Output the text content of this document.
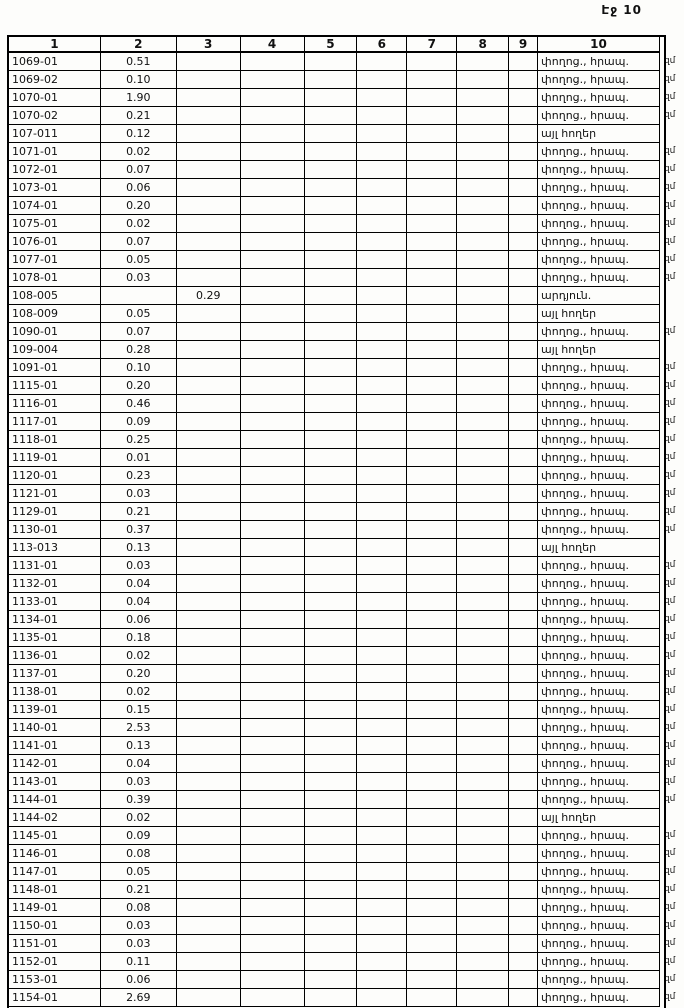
Էջ 10
1	2	3	4	5	6	7	8	9	10	
1069-01	0.51								փողոց., հրապ.	զմ
1069-02	0.10								փողոց., հրապ.	զմ
1070-01	1.90								փողոց., հրապ.	զմ
1070-02	0.21								փողոց., հրապ.	զմ
107-011	0.12								այլ հողեր	
1071-01	0.02								փողոց., հրապ.	զմ
1072-01	0.07								փողոց., հրապ.	զմ
1073-01	0.06								փողոց., հրապ.	զմ
1074-01	0.20								փողոց., հրապ.	զմ
1075-01	0.02								փողոց., հրապ.	զմ
1076-01	0.07								փողոց., հրապ.	զմ
1077-01	0.05								փողոց., հրապ.	զմ
1078-01	0.03								փողոց., հրապ.	զմ
108-005		0.29							արդյուն.	
108-009	0.05								այլ հողեր	
1090-01	0.07								փողոց., հրապ.	զմ
109-004	0.28								այլ հողեր	
1091-01	0.10								փողոց., հրապ.	զմ
1115-01	0.20								փողոց., հրապ.	զմ
1116-01	0.46								փողոց., հրապ.	զմ
1117-01	0.09								փողոց., հրապ.	զմ
1118-01	0.25								փողոց., հրապ.	զմ
1119-01	0.01								փողոց., հրապ.	զմ
1120-01	0.23								փողոց., հրապ.	զմ
1121-01	0.03								փողոց., հրապ.	զմ
1129-01	0.21								փողոց., հրապ.	զմ
1130-01	0.37								փողոց., հրապ.	զմ
113-013	0.13								այլ հողեր	
1131-01	0.03								փողոց., հրապ.	զմ
1132-01	0.04								փողոց., հրապ.	զմ
1133-01	0.04								փողոց., հրապ.	զմ
1134-01	0.06								փողոց., հրապ.	զմ
1135-01	0.18								փողոց., հրապ.	զմ
1136-01	0.02								փողոց., հրապ.	զմ
1137-01	0.20								փողոց., հրապ.	զմ
1138-01	0.02								փողոց., հրապ.	զմ
1139-01	0.15								փողոց., հրապ.	զմ
1140-01	2.53								փողոց., հրապ.	զմ
1141-01	0.13								փողոց., հրապ.	զմ
1142-01	0.04								փողոց., հրապ.	զմ
1143-01	0.03								փողոց., հրապ.	զմ
1144-01	0.39								փողոց., հրապ.	զմ
1144-02	0.02								այլ հողեր	
1145-01	0.09								փողոց., հրապ.	զմ
1146-01	0.08								փողոց., հրապ.	զմ
1147-01	0.05								փողոց., հրապ.	զմ
1148-01	0.21								փողոց., հրապ.	զմ
1149-01	0.08								փողոց., հրապ.	զմ
1150-01	0.03								փողոց., հրապ.	զմ
1151-01	0.03								փողոց., հրապ.	զմ
1152-01	0.11								փողոց., հրապ.	զմ
1153-01	0.06								փողոց., հրապ.	զմ
1154-01	2.69								փողոց., հրապ.	զմ
